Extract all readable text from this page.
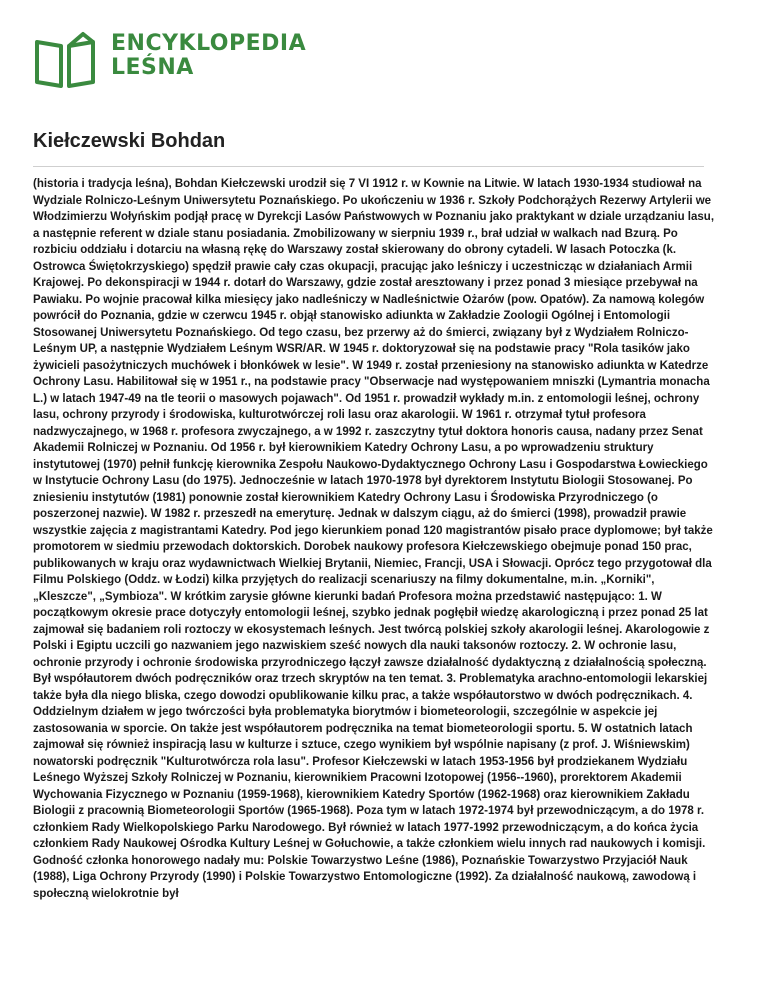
ENCYKLOPEDIA
LEŚNA
Kiełczewski Bohdan

(historia i tradycja leśna), Bohdan Kiełczewski urodził się 7 VI 1912 r. w Kownie na Litwie. W latach 1930-1934 studiował na Wydziale Rolniczo-Leśnym Uniwersytetu Poznańskiego. Po ukończeniu w 1936 r. Szkoły Podchorążych Rezerwy Artylerii we Włodzimierzu Wołyńskim podjął pracę w Dyrekcji Lasów Państwowych w Poznaniu jako praktykant w dziale urządzaniu lasu, a następnie referent w dziale stanu posiadania. Zmobilizowany w sierpniu 1939 r., brał udział w walkach nad Bzurą. Po rozbiciu oddziału i dotarciu na własną rękę do Warszawy został skierowany do obrony cytadeli. W lasach Potoczka (k. Ostrowca Świętokrzyskiego) spędził prawie cały czas okupacji, pracując jako leśniczy i uczestnicząc w działaniach Armii Krajowej. Po dekonspiracji w 1944 r. dotarł do Warszawy, gdzie został aresztowany i przez ponad 3 miesiące przebywał na Pawiaku. Po wojnie pracował kilka miesięcy jako nadleśniczy w Nadleśnictwie Ożarów (pow. Opatów). Za namową kolegów powrócił do Poznania, gdzie w czerwcu 1945 r. objął stanowisko adiunkta w Zakładzie Zoologii Ogólnej i Entomologii Stosowanej Uniwersytetu Poznańskiego. Od tego czasu, bez przerwy aż do śmierci, związany był z Wydziałem Rolniczo-Leśnym UP, a następnie Wydziałem Leśnym WSR/AR. W 1945 r. doktoryzował się na podstawie pracy "Rola tasików jako żywicieli pasożytniczych muchówek i błonkówek w lesie". W 1949 r. został przeniesiony na stanowisko adiunkta w Katedrze Ochrony Lasu. Habilitował się w 1951 r., na podstawie pracy "Obserwacje nad występowaniem mniszki (Lymantria monacha L.) w latach 1947-49 na tle teorii o masowych pojawach". Od 1951 r. prowadził wykłady m.in. z entomologii leśnej, ochrony lasu, ochrony przyrody i środowiska, kulturotwórczej roli lasu oraz akarologii. W 1961 r. otrzymał tytuł profesora nadzwyczajnego, w 1968 r. profesora zwyczajnego, a w 1992 r. zaszczytny tytuł doktora honoris causa, nadany przez Senat Akademii Rolniczej w Poznaniu. Od 1956 r. był kierownikiem Katedry Ochrony Lasu, a po wprowadzeniu struktury instytutowej (1970) pełnił funkcję kierownika Zespołu Naukowo-Dydaktycznego Ochrony Lasu i Gospodarstwa Łowieckiego w Instytucie Ochrony Lasu (do 1975). Jednocześnie w latach 1970-1978 był dyrektorem Instytutu Biologii Stosowanej. Po zniesieniu instytutów (1981) ponownie został kierownikiem Katedry Ochrony Lasu i Środowiska Przyrodniczego (o poszerzonej nazwie). W 1982 r. przeszedł na emeryturę. Jednak w dalszym ciągu, aż do śmierci (1998), prowadził prawie wszystkie zajęcia z magistrantami Katedry. Pod jego kierunkiem ponad 120 magistrantów pisało prace dyplomowe; był także promotorem w siedmiu przewodach doktorskich. Dorobek naukowy profesora Kiełczewskiego obejmuje ponad 150 prac, publikowanych w kraju oraz wydawnictwach Wielkiej Brytanii, Niemiec, Francji, USA i Słowacji. Oprócz tego przygotował dla Filmu Polskiego (Oddz. w Łodzi) kilka przyjętych do realizacji scenariuszy na filmy dokumentalne, m.in. „Korniki", „Kleszcze", „Symbioza". W krótkim zarysie główne kierunki badań Profesora można przedstawić następująco: 1. W początkowym okresie prace dotyczyły entomologii leśnej, szybko jednak pogłębił wiedzę akarologiczną i przez ponad 25 lat zajmował się badaniem roli roztoczy w ekosystemach leśnych. Jest twórcą polskiej szkoły akarologii leśnej. Akarologowie z Polski i Egiptu uczcili go nazwaniem jego nazwiskiem sześć nowych dla nauki taksonów roztoczy. 2. W ochronie lasu, ochronie przyrody i ochronie środowiska przyrodniczego łączył zawsze działalność dydaktyczną z działalnością społeczną. Był współautorem dwóch podręczników oraz trzech skryptów na ten temat. 3. Problematyka arachno-entomologii lekarskiej także była dla niego bliska, czego dowodzi opublikowanie kilku prac, a także współautorstwo w dwóch podręcznikach. 4. Oddzielnym działem w jego twórczości była problematyka biorytmów i biometeorologii, szczególnie w aspekcie jej zastosowania w sporcie. On także jest współautorem podręcznika na temat biometeorologii sportu. 5. W ostatnich latach zajmował się również inspiracją lasu w kulturze i sztuce, czego wynikiem był wspólnie napisany (z prof. J. Wiśniewskim) nowatorski podręcznik "Kulturotwórcza rola lasu". Profesor Kiełczewski w latach 1953-1956 był prodziekanem Wydziału Leśnego Wyższej Szkoły Rolniczej w Poznaniu, kierownikiem Pracowni Izotopowej (1956--1960), prorektorem Akademii Wychowania Fizycznego w Poznaniu (1959-1968), kierownikiem Katedry Sportów (1962-1968) oraz kierownikiem Zakładu Biologii z pracownią Biometeorologii Sportów (1965-1968). Poza tym w latach 1972-1974 był przewodniczącym, a do 1978 r. członkiem Rady Wielkopolskiego Parku Narodowego. Był również w latach 1977-1992 przewodniczącym, a do końca życia członkiem Rady Naukowej Ośrodka Kultury Leśnej w Gołuchowie, a także członkiem wielu innych rad naukowych i komisji. Godność członka honorowego nadały mu: Polskie Towarzystwo Leśne (1986), Poznańskie Towarzystwo Przyjaciół Nauk (1988), Liga Ochrony Przyrody (1990) i Polskie Towarzystwo Entomologiczne (1992). Za działalność naukową, zawodową i społeczną wielokrotnie był
